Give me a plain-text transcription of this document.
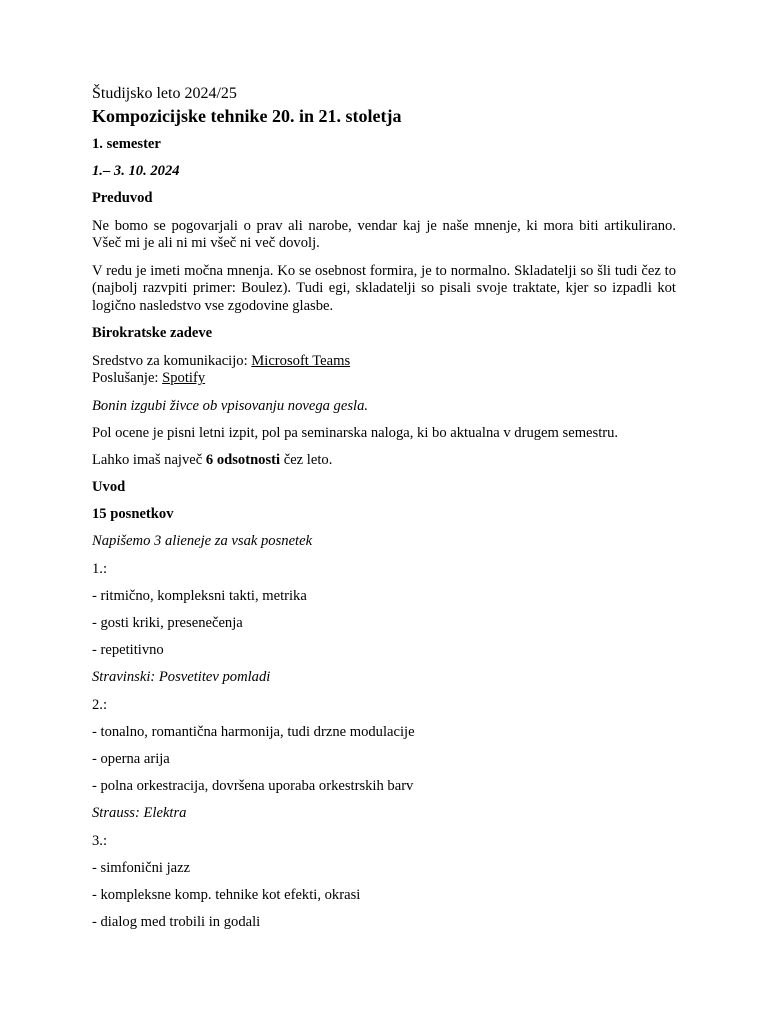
Študijsko leto 2024/25
Kompozicijske tehnike 20. in 21. stoletja

1. semester

1.– 3. 10. 2024

Preduvod

Ne bomo se pogovarjali o prav ali narobe, vendar kaj je naše mnenje, ki mora biti artikulirano. Všeč mi je ali ni mi všeč ni več dovolj.

V redu je imeti močna mnenja. Ko se osebnost formira, je to normalno. Skladatelji so šli tudi čez to (najbolj razvpiti primer: Boulez). Tudi egi, skladatelji so pisali svoje traktate, kjer so izpadli kot logično nasledstvo vse zgodovine glasbe.

Birokratske zadeve

Sredstvo za komunikacijo: Microsoft Teams
Poslušanje: Spotify

Bonin izgubi živce ob vpisovanju novega gesla.

Pol ocene je pisni letni izpit, pol pa seminarska naloga, ki bo aktualna v drugem semestru.

Lahko imaš največ 6 odsotnosti čez leto.

Uvod

15 posnetkov

Napišemo 3 alieneje za vsak posnetek

1.:

- ritmično, kompleksni takti, metrika

- gosti kriki, presenečenja

- repetitivno

Stravinski: Posvetitev pomladi

2.:

- tonalno, romantična harmonija, tudi drzne modulacije

- operna arija

- polna orkestracija, dovršena uporaba orkestrskih barv

Strauss: Elektra

3.:

- simfonični jazz

- kompleksne komp. tehnike kot efekti, okrasi

- dialog med trobili in godali
